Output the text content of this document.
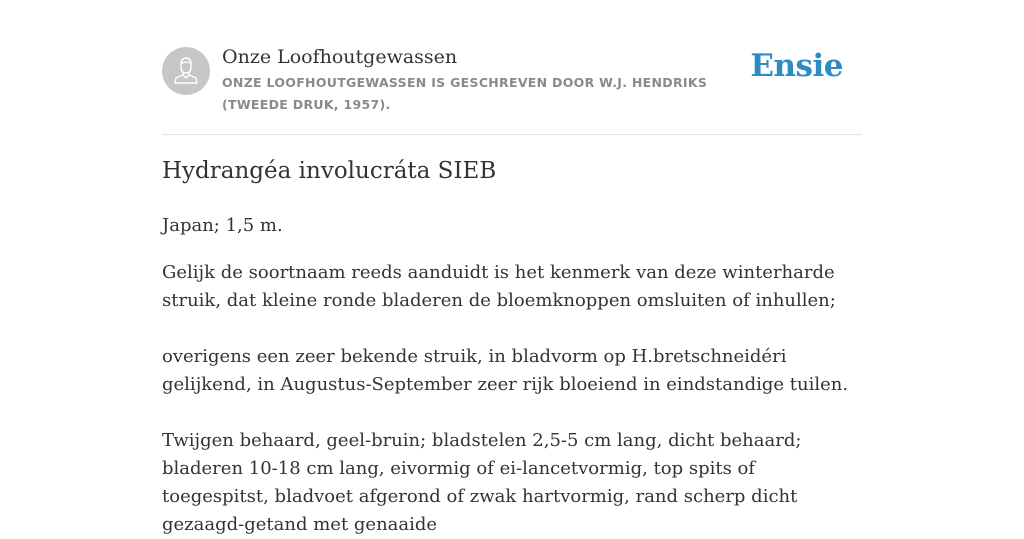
Onze Loofhoutgewassen
ONZE LOOFHOUTGEWASSEN IS GESCHREVEN DOOR W.J. HENDRIKS (TWEEDE DRUK, 1957).
Ensie
Hydrangéa involucráta SIEB

Japan; 1,5 m.

Gelijk de soortnaam reeds aanduidt is het kenmerk van deze winterharde struik, dat kleine ronde bladeren de bloemknoppen omsluiten of inhullen;

overigens een zeer bekende struik, in bladvorm op H.bretschneidéri gelijkend, in Augustus-September zeer rijk bloeiend in eindstandige tuilen.

Twijgen behaard, geel-bruin; bladstelen 2,5-5 cm lang, dicht behaard; bladeren 10-18 cm lang, eivormig of ei-lancetvormig, top spits of toegespitst, bladvoet afgerond of zwak hartvormig, rand scherp dicht gezaagd-getand met genaaide
